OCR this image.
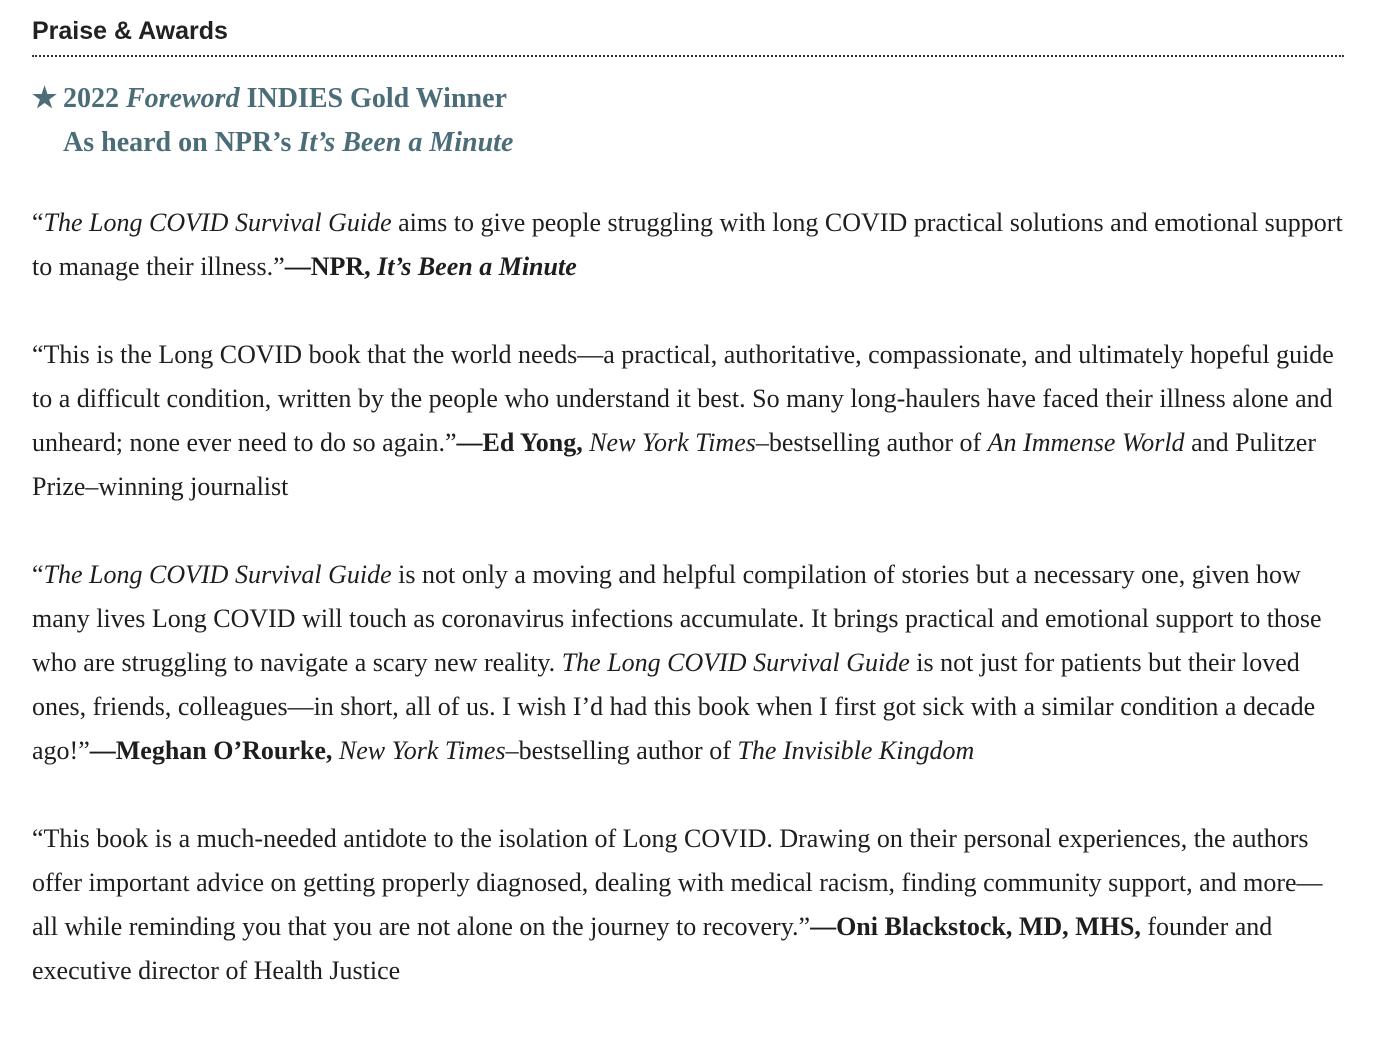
Praise & Awards
★ 2022 Foreword INDIES Gold Winner
As heard on NPR’s It’s Been a Minute

“The Long COVID Survival Guide aims to give people struggling with long COVID practical solutions and emotional support to manage their illness.”—NPR, It’s Been a Minute

“This is the Long COVID book that the world needs—a practical, authoritative, compassionate, and ultimately hopeful guide to a difficult condition, written by the people who understand it best. So many long-haulers have faced their illness alone and unheard; none ever need to do so again.”—Ed Yong, New York Times–bestselling author of An Immense World and Pulitzer Prize–winning journalist

“The Long COVID Survival Guide is not only a moving and helpful compilation of stories but a necessary one, given how many lives Long COVID will touch as coronavirus infections accumulate. It brings practical and emotional support to those who are struggling to navigate a scary new reality. The Long COVID Survival Guide is not just for patients but their loved ones, friends, colleagues—in short, all of us. I wish I’d had this book when I first got sick with a similar condition a decade ago!”—Meghan O’Rourke, New York Times–bestselling author of The Invisible Kingdom

“This book is a much-needed antidote to the isolation of Long COVID. Drawing on their personal experiences, the authors offer important advice on getting properly diagnosed, dealing with medical racism, finding community support, and more—all while reminding you that you are not alone on the journey to recovery.”—Oni Blackstock, MD, MHS, founder and executive director of Health Justice
